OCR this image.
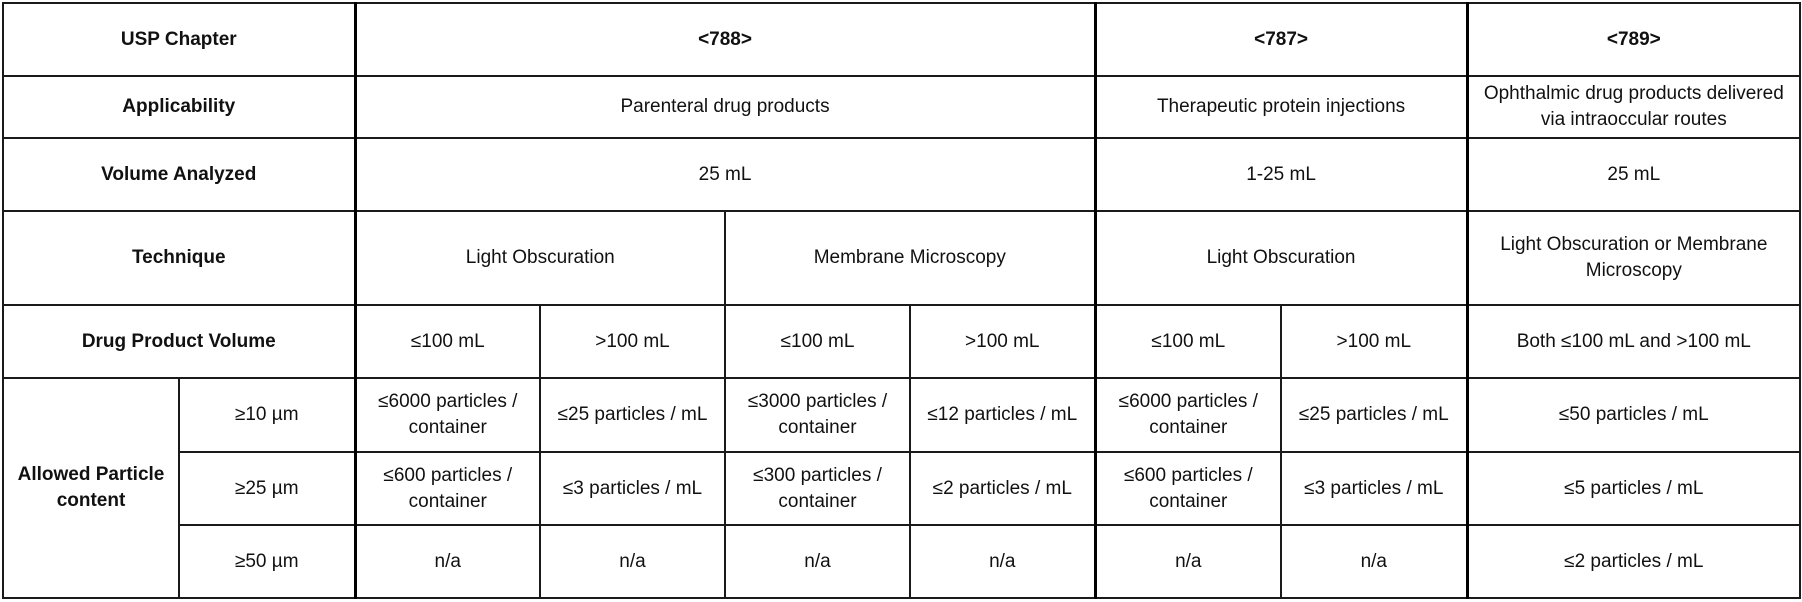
USP Chapter		<788>				<787>		<789>
Applicability		Parenteral drug products				Therapeutic protein injections		Ophthalmic drug products delivered via intraoccular routes
Volume Analyzed		25 mL				1-25 mL		25 mL
Technique		Light Obscuration		Membrane Microscopy		Light Obscuration		Light Obscuration or Membrane Microscopy
Drug Product Volume		≤100 mL	>100 mL	≤100 mL	>100 mL	≤100 mL	>100 mL	Both ≤100 mL and >100 mL
Allowed Particle content	≥10 µm	≤6000 particles / container	≤25 particles / mL	≤3000 particles / container	≤12 particles / mL	≤6000 particles / container	≤25 particles / mL	≤50 particles / mL
	≥25 µm	≤600 particles / container	≤3 particles / mL	≤300 particles / container	≤2 particles / mL	≤600 particles / container	≤3 particles / mL	≤5 particles / mL
	≥50 µm	n/a	n/a	n/a	n/a	n/a	n/a	≤2 particles / mL
